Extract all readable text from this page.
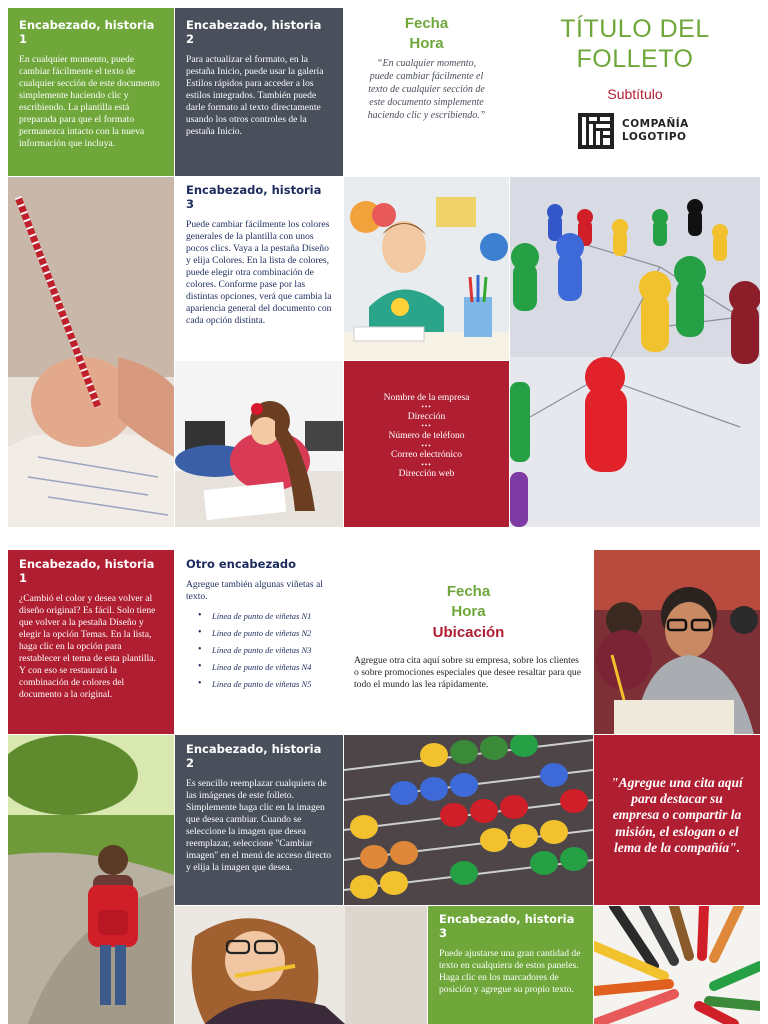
Encabezado, historia 1
En cualquier momento, puede cambiar fácilmente el texto de cualquier sección de este documento simplemente haciendo clic y escribiendo. La plantilla está preparada para que el formato permanezca intacto con la nueva información que incluya.
Encabezado, historia 2
Para actualizar el formato, en la pestaña Inicio, puede usar la galería Estilos rápidos para acceder a los estilos integrados. También puede darle formato al texto directamente usando los otros controles de la pestaña Inicio.
Fecha
Hora
“En cualquier momento, puede cambiar fácilmente el texto de cualquier sección de este documento simplemente haciendo clic y escribiendo.”
TÍTULO DEL
FOLLETO
Subtítulo
COMPAÑÍA
LOGOTIPO
Encabezado, historia 3
Puede cambiar fácilmente los colores generales de la plantilla con unos pocos clics. Vaya a la pestaña Diseño y elija Colores. En la lista de colores, puede elegir otra combinación de colores. Conforme pase por las distintas opciones, verá que cambia la apariencia general del documento con cada opción distinta.
Nombre de la empresa
•••
Dirección
•••
Número de teléfono
•••
Correo electrónico
•••
Dirección web
Encabezado, historia 1
¿Cambió el color y desea volver al diseño original? Es fácil. Solo tiene que volver a la pestaña Diseño y elegir la opción Temas. En la lista, haga clic en la opción para restablecer el tema de esta plantilla. Y con eso se restaurará la combinación de colores del documento a la original.
Otro encabezado
Agregue también algunas viñetas al texto.
• Línea de punto de viñetas N1
• Línea de punto de viñetas N2
• Línea de punto de viñetas N3
• Línea de punto de viñetas N4
• Línea de punto de viñetas N5
Fecha
Hora
Ubicación
Agregue otra cita aquí sobre su empresa, sobre los clientes o sobre promociones especiales que desee resaltar para que todo el mundo las lea rápidamente.
Encabezado, historia 2
Es sencillo reemplazar cualquiera de las imágenes de este folleto. Simplemente haga clic en la imagen que desea cambiar. Cuando se seleccione la imagen que desea reemplazar, seleccione "Cambiar imagen" en el menú de acceso directo y elija la imagen que desea.
"Agregue una cita aquí para destacar su empresa o compartir la misión, el eslogan o el lema de la compañía".
Encabezado, historia 3
Puede ajustarse una gran cantidad de texto en cualquiera de estos paneles. Haga clic en los marcadores de posición y agregue su propio texto.
